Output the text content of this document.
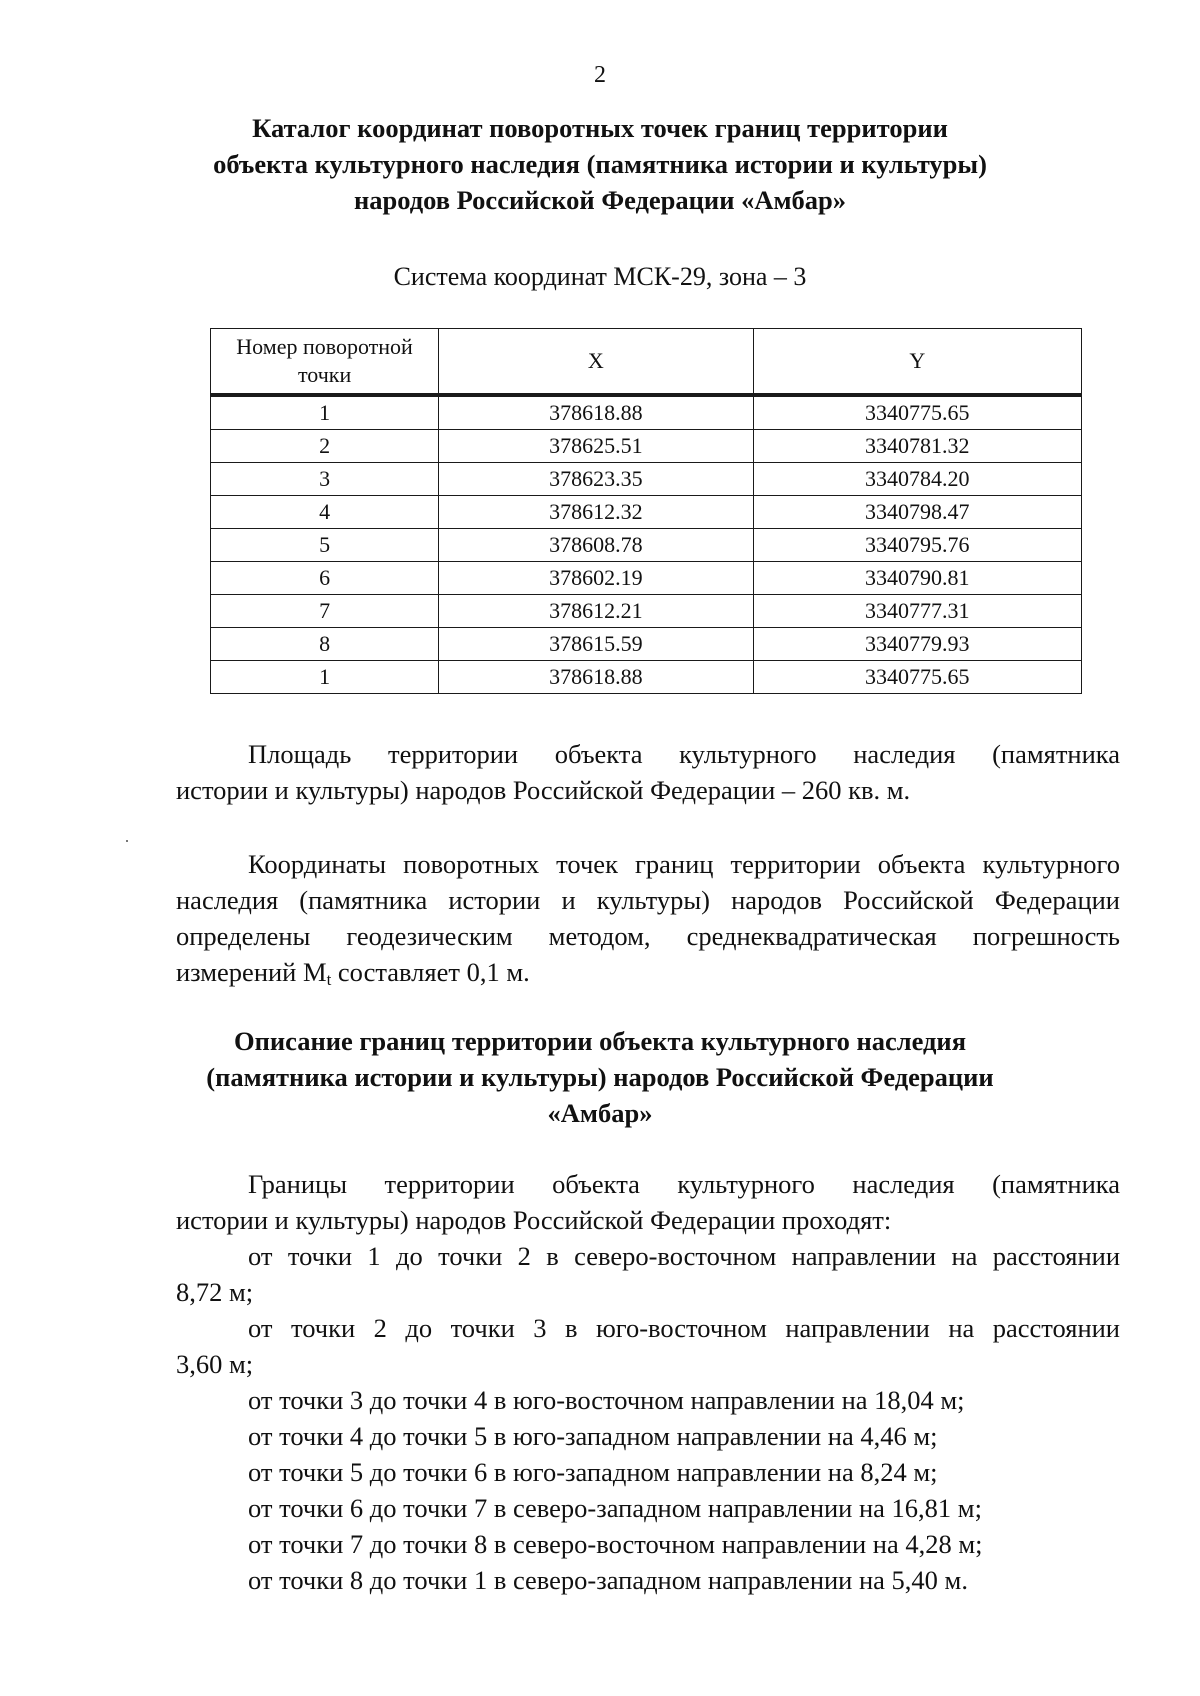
2
Каталог координат поворотных точек границ территории
объекта культурного наследия (памятника истории и культуры)
народов Российской Федерации «Амбар»
Система координат МСК-29, зона – 3
Номер поворотной
точки	X	Y
1	378618.88	3340775.65
2	378625.51	3340781.32
3	378623.35	3340784.20
4	378612.32	3340798.47
5	378608.78	3340795.76
6	378602.19	3340790.81
7	378612.21	3340777.31
8	378615.59	3340779.93
1	378618.88	3340775.65
Площадь территории объекта культурного наследия (памятника
истории и культуры) народов Российской Федерации – 260 кв. м.
Координаты поворотных точек границ территории объекта культурного
наследия (памятника истории и культуры) народов Российской Федерации
определены геодезическим методом, среднеквадратическая погрешность
измерений $M_t$ составляет 0,1 м.
Описание границ территории объекта культурного наследия
(памятника истории и культуры) народов Российской Федерации
«Амбар»
Границы территории объекта культурного наследия (памятника
истории и культуры) народов Российской Федерации проходят:
от точки 1 до точки 2 в северо-восточном направлении на расстоянии
8,72 м;
от точки 2 до точки 3 в юго-восточном направлении на расстоянии
3,60 м;
от точки 3 до точки 4 в юго-восточном направлении на 18,04 м;
от точки 4 до точки 5 в юго-западном направлении на 4,46 м;
от точки 5 до точки 6 в юго-западном направлении на 8,24 м;
от точки 6 до точки 7 в северо-западном направлении на 16,81 м;
от точки 7 до точки 8 в северо-восточном направлении на 4,28 м;
от точки 8 до точки 1 в северо-западном направлении на 5,40 м.
